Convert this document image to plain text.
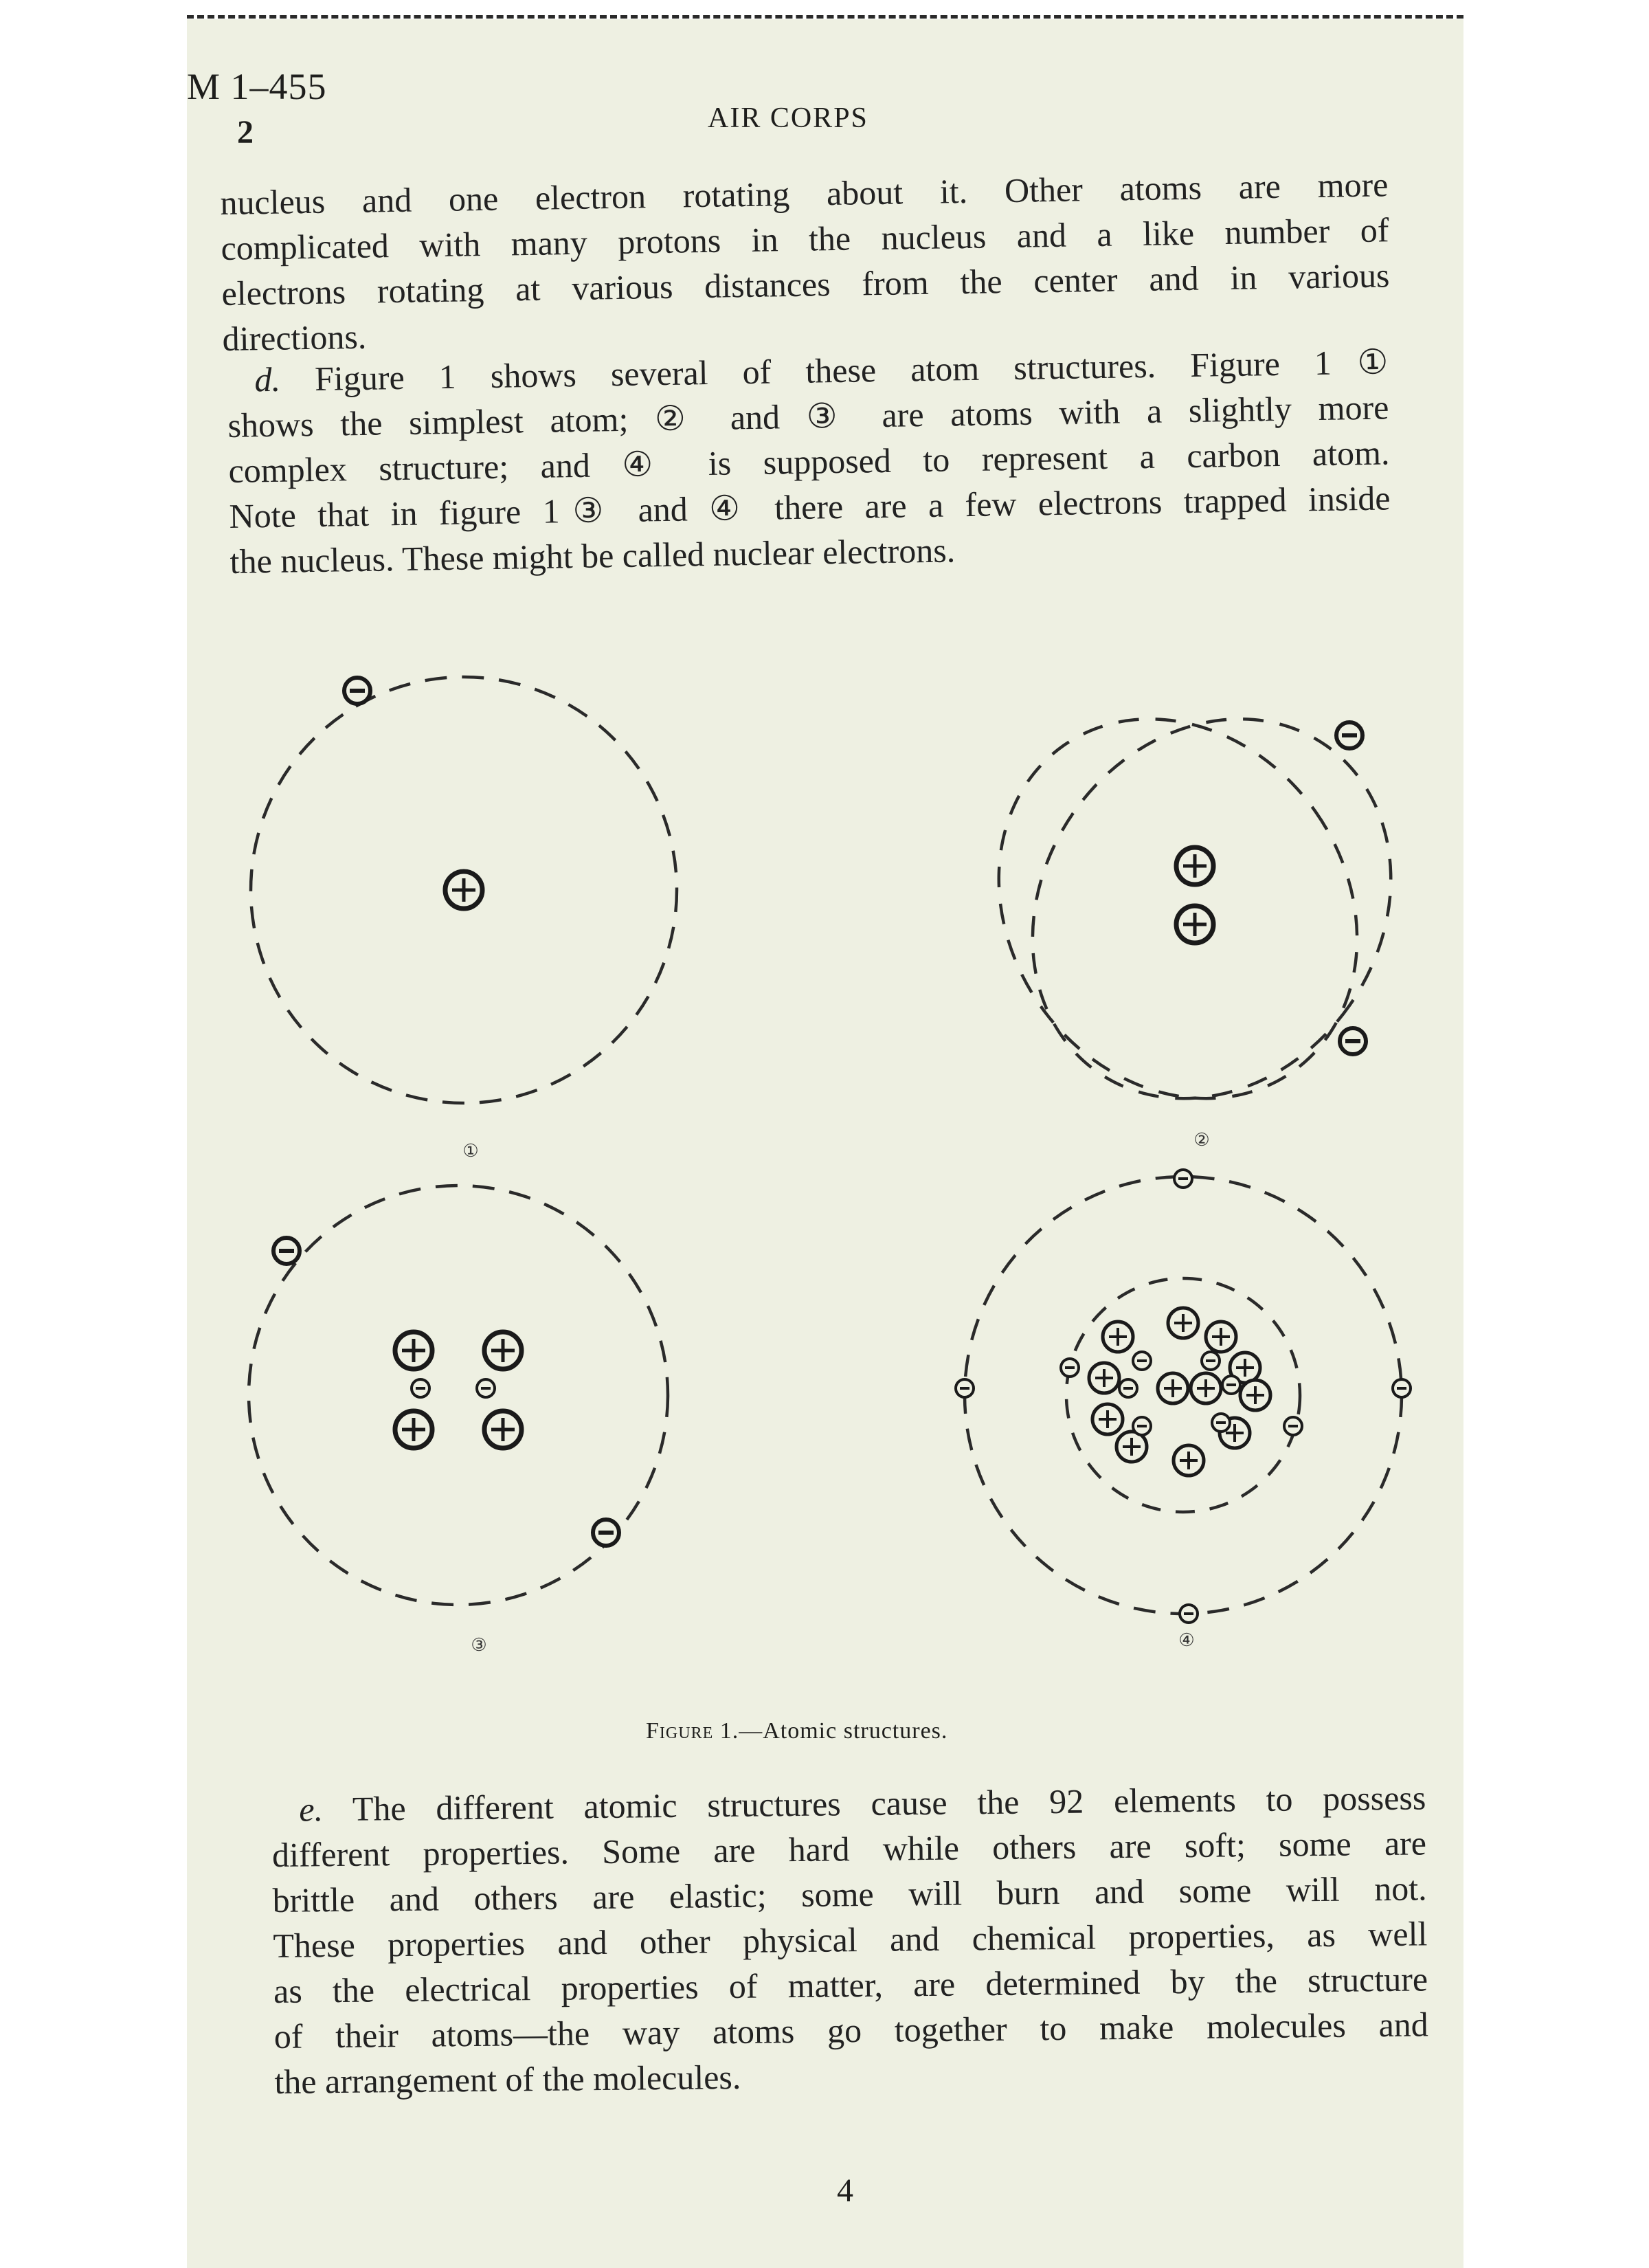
M 1–455
2	AIR CORPS
nucleus and one electron rotating about it. Other atoms are more
complicated with many protons in the nucleus and a like number of
electrons rotating at various distances from the center and in various
directions.
d. Figure 1 shows several of these atom structures. Figure 1①
shows the simplest atom; ② and ③ are atoms with a slightly more
complex structure; and ④ is supposed to represent a carbon atom.
Note that in figure 1③ and ④ there are a few electrons trapped inside
the nucleus. These might be called nuclear electrons.
①
②
③	④
Figure 1.—Atomic structures.
e. The different atomic structures cause the 92 elements to possess
different properties. Some are hard while others are soft; some are
brittle and others are elastic; some will burn and some will not.
These properties and other physical and chemical properties, as well
as the electrical properties of matter, are determined by the structure
of their atoms—the way atoms go together to make molecules and
the arrangement of the molecules.
4
